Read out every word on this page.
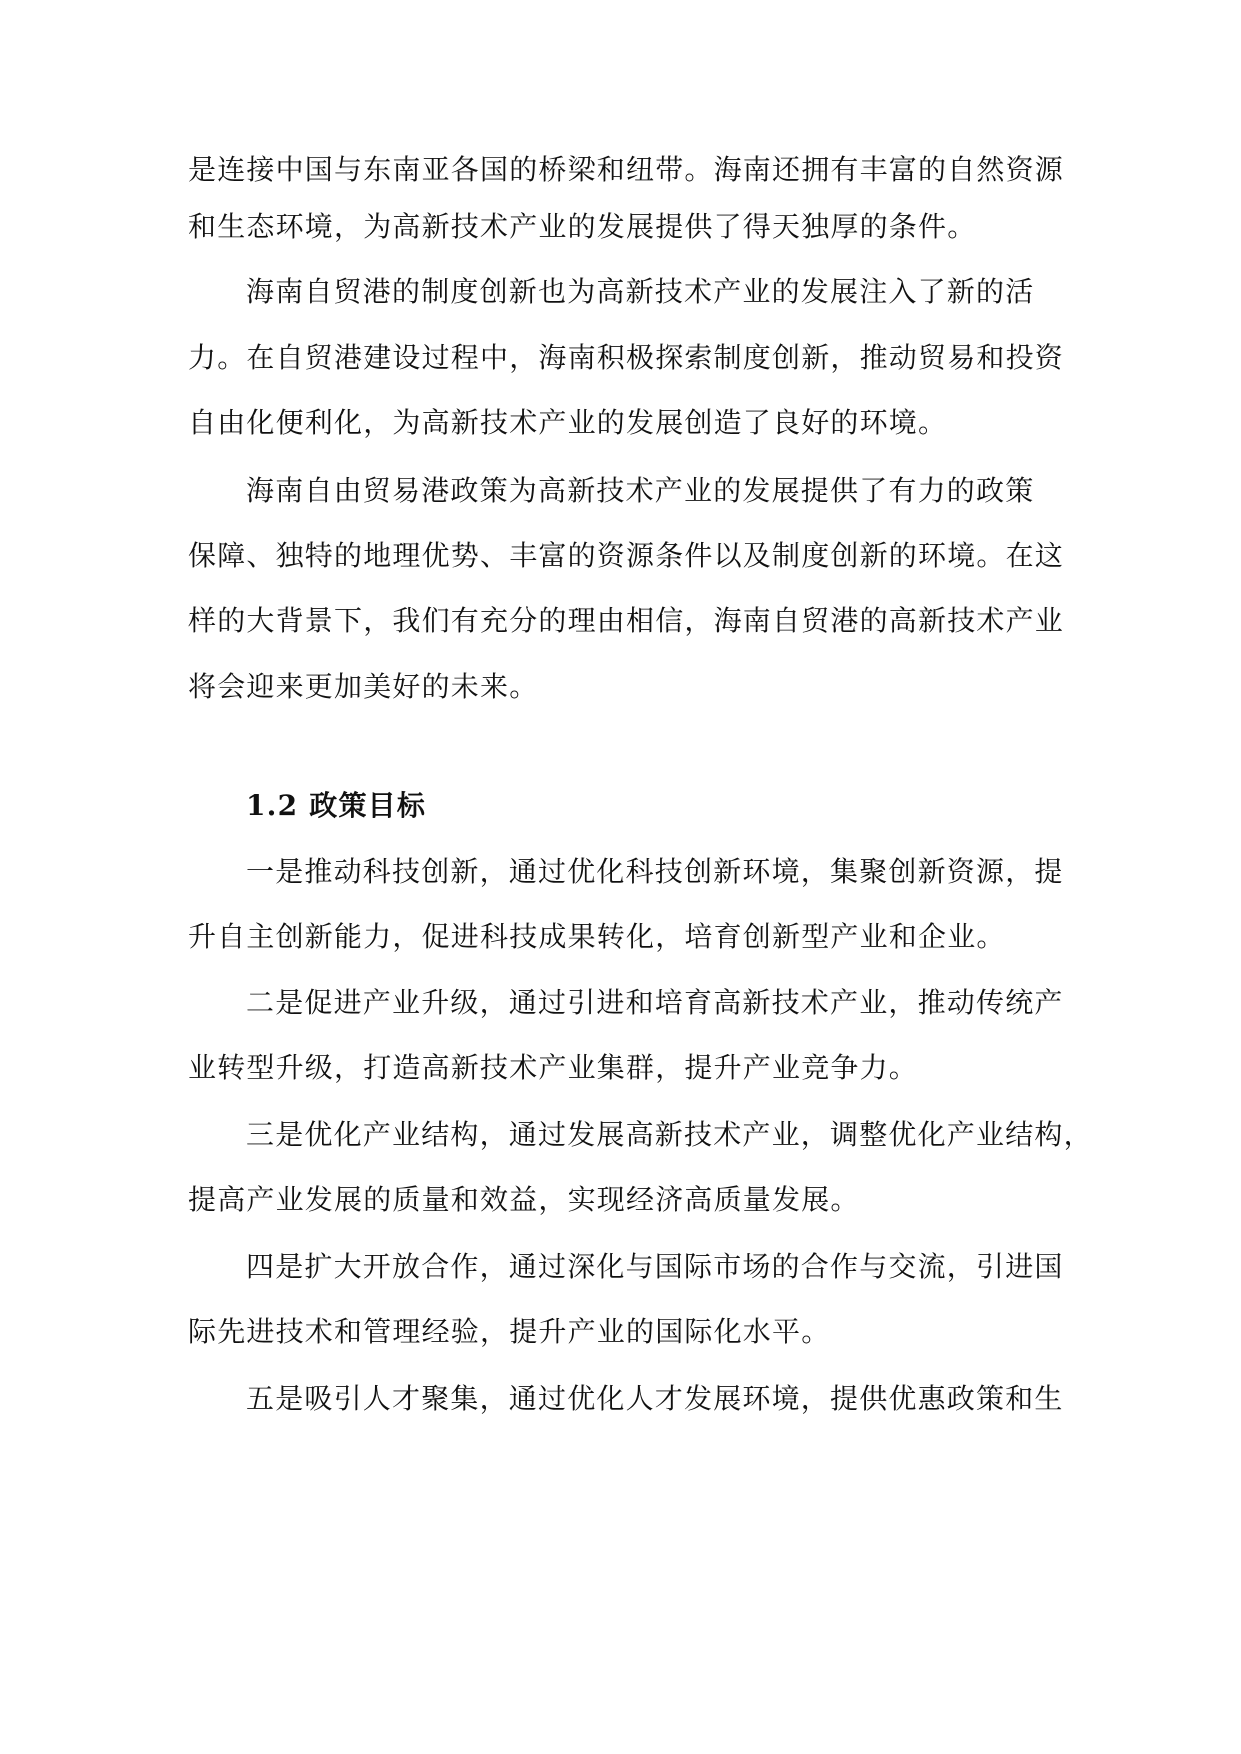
是连接中国与东南亚各国的桥梁和纽带。海南还拥有丰富的自然资源
和生态环境，为高新技术产业的发展提供了得天独厚的条件。
海南自贸港的制度创新也为高新技术产业的发展注入了新的活
力。在自贸港建设过程中，海南积极探索制度创新，推动贸易和投资
自由化便利化，为高新技术产业的发展创造了良好的环境。
海南自由贸易港政策为高新技术产业的发展提供了有力的政策
保障、独特的地理优势、丰富的资源条件以及制度创新的环境。在这
样的大背景下，我们有充分的理由相信，海南自贸港的高新技术产业
将会迎来更加美好的未来。
1.2 政策目标
一是推动科技创新，通过优化科技创新环境，集聚创新资源，提
升自主创新能力，促进科技成果转化，培育创新型产业和企业。
二是促进产业升级，通过引进和培育高新技术产业，推动传统产
业转型升级，打造高新技术产业集群，提升产业竞争力。
三是优化产业结构，通过发展高新技术产业，调整优化产业结构，
提高产业发展的质量和效益，实现经济高质量发展。
四是扩大开放合作，通过深化与国际市场的合作与交流，引进国
际先进技术和管理经验，提升产业的国际化水平。
五是吸引人才聚集，通过优化人才发展环境，提供优惠政策和生
